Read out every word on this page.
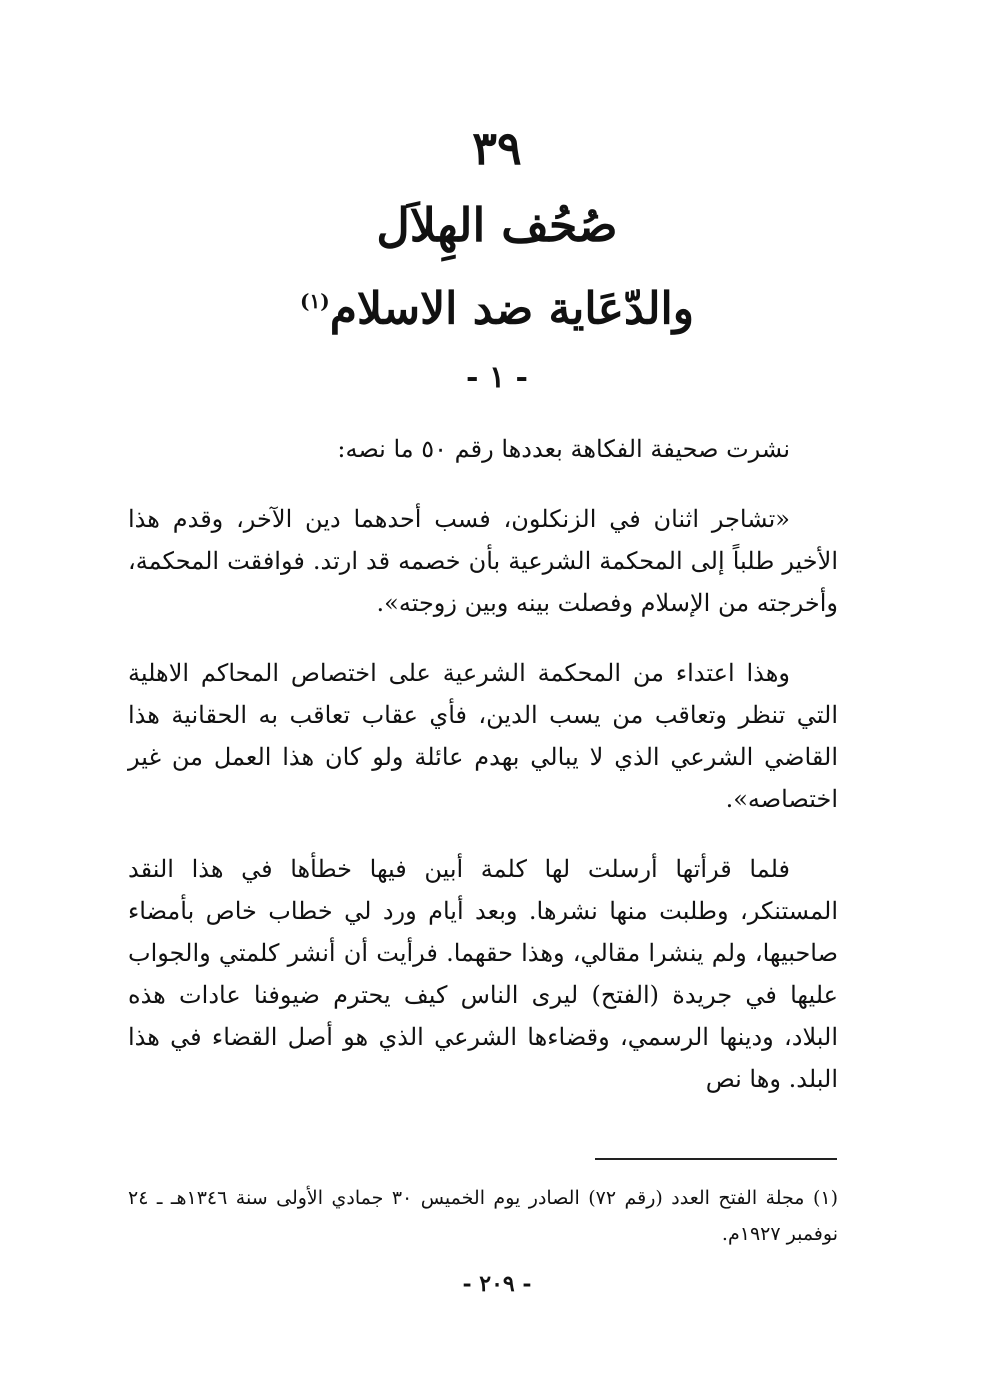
٣٩
صُحُف الهِلاَل
والدّعَاية ضد الاسلام$^{(١)}$
- ١ -

نشرت صحيفة الفكاهة بعددها رقم ٥٠ ما نصه:

«تشاجر اثنان في الزنكلون، فسب أحدهما دين الآخر، وقدم هذا الأخير طلباً إلى المحكمة الشرعية بأن خصمه قد ارتد. فوافقت المحكمة، وأخرجته من الإسلام وفصلت بينه وبين زوجته».

وهذا اعتداء من المحكمة الشرعية على اختصاص المحاكم الاهلية التي تنظر وتعاقب من يسب الدين، فأي عقاب تعاقب به الحقانية هذا القاضي الشرعي الذي لا يبالي بهدم عائلة ولو كان هذا العمل من غير اختصاصه».

فلما قرأتها أرسلت لها كلمة أبين فيها خطأها في هذا النقد المستنكر، وطلبت منها نشرها. وبعد أيام ورد لي خطاب خاص بأمضاء صاحبيها، ولم ينشرا مقالي، وهذا حقهما. فرأيت أن أنشر كلمتي والجواب عليها في جريدة (الفتح) ليرى الناس كيف يحترم ضيوفنا عادات هذه البلاد، ودينها الرسمي، وقضاءها الشرعي الذي هو أصل القضاء في هذا البلد. وها نص

(١) مجلة الفتح العدد (رقم ٧٢) الصادر يوم الخميس ٣٠ جمادي الأولى سنة ١٣٤٦هـ ـ ٢٤ نوفمبر ١٩٢٧م.
- ٢٠٩ -
